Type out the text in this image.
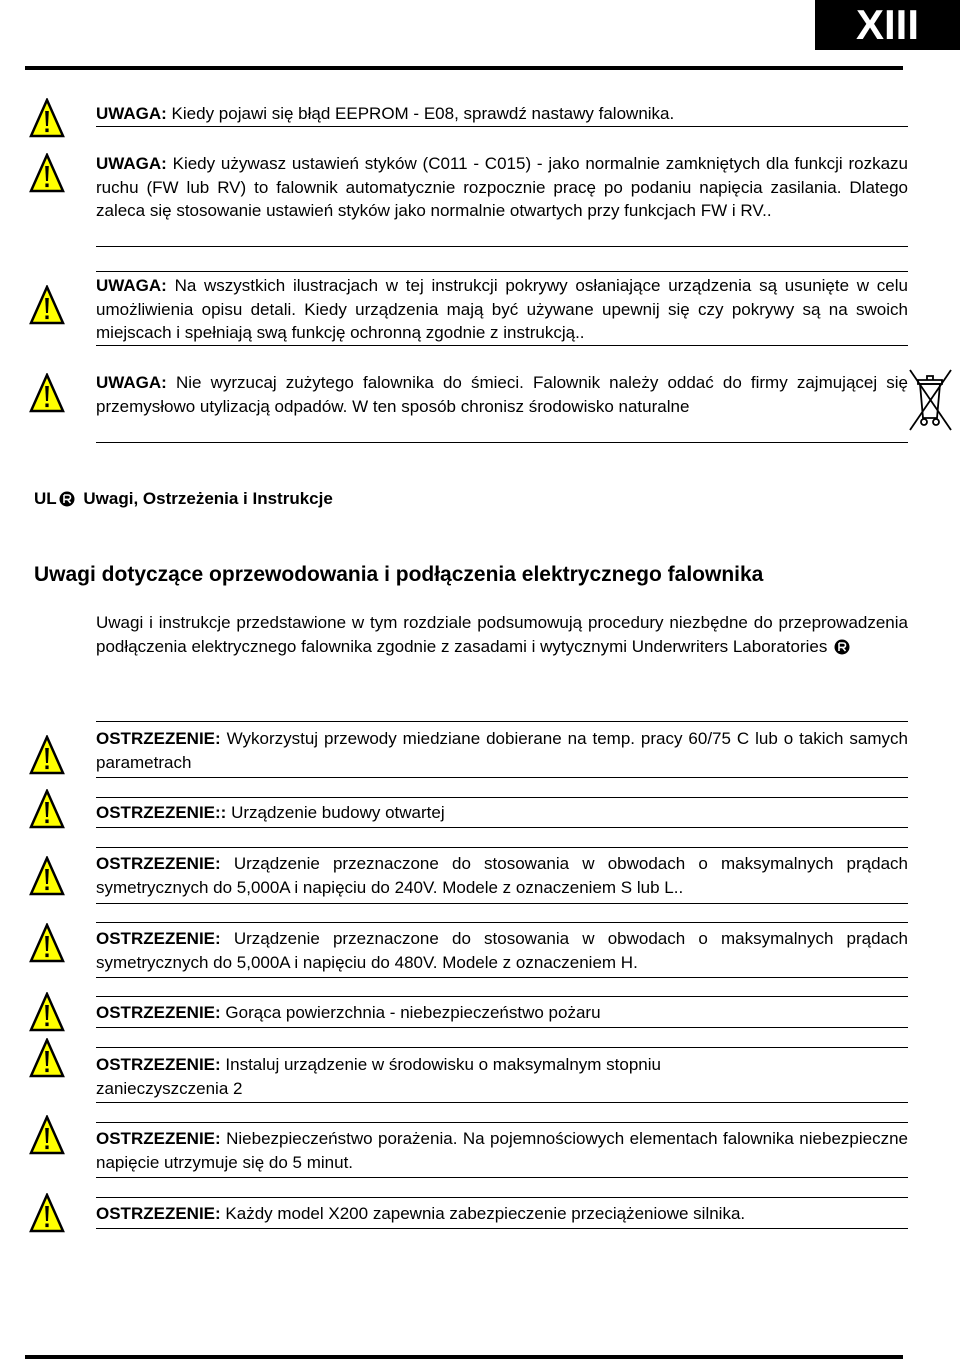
XIII
UWAGA: Kiedy pojawi się błąd EEPROM - E08, sprawdź nastawy falownika.
UWAGA: Kiedy używasz ustawień styków (C011 - C015) - jako normalnie zamkniętych dla funkcji rozkazu ruchu (FW lub RV) to falownik automatycznie rozpocznie pracę po podaniu napięcia zasilania. Dlatego zaleca się stosowanie ustawień styków jako normalnie otwartych przy funkcjach FW i RV..
UWAGA: Na wszystkich ilustracjach w tej instrukcji pokrywy osłaniające urządzenia są usunięte w celu umożliwienia opisu detali. Kiedy urządzenia mają być używane upewnij się czy pokrywy są na swoich miejscach i spełniają swą funkcję ochronną zgodnie z instrukcją..
UWAGA: Nie wyrzucaj zużytego falownika do śmieci. Falownik należy oddać do firmy zajmującej się przemysłowo utylizacją odpadów. W ten sposób chronisz środowisko naturalne
UL Uwagi, Ostrzeżenia i Instrukcje
Uwagi dotyczące oprzewodowania i podłączenia elektrycznego falownika
Uwagi i instrukcje przedstawione w tym rozdziale podsumowują procedury niezbędne do przeprowadzenia podłączenia elektrycznego falownika zgodnie z zasadami i wytycznymi Underwriters Laboratories
OSTRZEZENIE: Wykorzystuj przewody miedziane dobierane na temp. pracy 60/75 C lub o takich samych parametrach
OSTRZEZENIE:: Urządzenie budowy otwartej
OSTRZEZENIE: Urządzenie przeznaczone do stosowania w obwodach o maksymalnych prądach symetrycznych do 5,000A i napięciu do 240V. Modele z oznaczeniem S lub L..
OSTRZEZENIE: Urządzenie przeznaczone do stosowania w obwodach o maksymalnych prądach symetrycznych do 5,000A i napięciu do 480V. Modele z oznaczeniem H.
OSTRZEZENIE: Gorąca powierzchnia - niebezpieczeństwo pożaru
OSTRZEZENIE: Instaluj urządzenie w środowisku o maksymalnym stopniu zanieczyszczenia 2
OSTRZEZENIE: Niebezpieczeństwo porażenia. Na pojemnościowych elementach falownika niebezpieczne napięcie utrzymuje się do 5 minut.
OSTRZEZENIE: Każdy model X200 zapewnia zabezpieczenie przeciążeniowe silnika.
